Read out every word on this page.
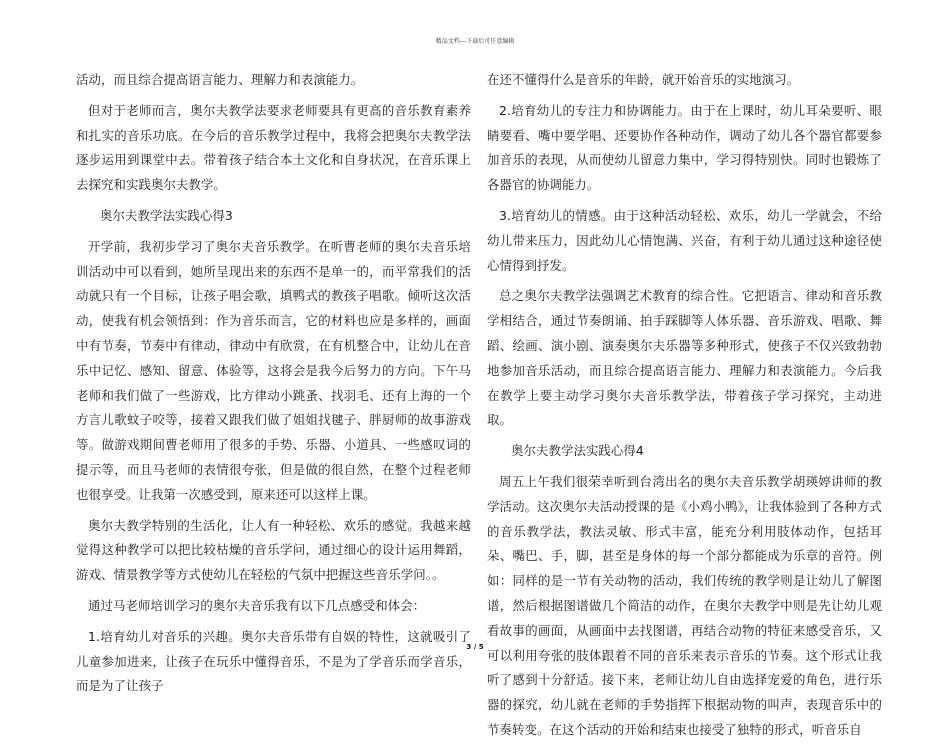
精品文档---下载后可任意编辑

活动，而且综合提高语言能力、理解力和表演能力。

但对于老师而言，奥尔夫教学法要求老师要具有更高的音乐教育素养和扎实的音乐功底。在今后的音乐教学过程中，我将会把奥尔夫教学法逐步运用到课堂中去。带着孩子结合本土文化和自身状况，在音乐课上去探究和实践奥尔夫教学。

奥尔夫教学法实践心得3

开学前，我初步学习了奥尔夫音乐教学。在听曹老师的奥尔夫音乐培训活动中可以看到，她所呈现出来的东西不是单一的，而平常我们的活动就只有一个目标，让孩子唱会歌，填鸭式的教孩子唱歌。倾听这次活动，使我有机会领悟到：作为音乐而言，它的材料也应是多样的，画面中有节奏，节奏中有律动，律动中有欣赏，在有机整合中，让幼儿在音乐中记忆、感知、留意、体验等，这将会是我今后努力的方向。下午马老师和我们做了一些游戏，比方律动小跳蚤、找羽毛、还有上海的一个方言儿歌蚊子咬等，接着又跟我们做了姐姐找毽子、胖厨师的故事游戏等。做游戏期间曹老师用了很多的手势、乐器、小道具、一些感叹词的提示等，而且马老师的表情很夸张，但是做的很自然，在整个过程老师也很享受。让我第一次感受到，原来还可以这样上课。

奥尔夫教学特别的生活化，让人有一种轻松、欢乐的感觉。我越来越觉得这种教学可以把比较枯燥的音乐学问，通过细心的设计运用舞蹈，游戏、情景教学等方式使幼儿在轻松的气氛中把握这些音乐学问。。

通过马老师培训学习的奥尔夫音乐我有以下几点感受和体会：

1.培育幼儿对音乐的兴趣。奥尔夫音乐带有自娱的特性，这就吸引了儿童参加进来，让孩子在玩乐中懂得音乐，不是为了学音乐而学音乐，而是为了让孩子

在还不懂得什么是音乐的年龄，就开始音乐的实地演习。

2.培育幼儿的专注力和协调能力。由于在上课时，幼儿耳朵要听、眼睛要看、嘴中要学唱、还要协作各种动作，调动了幼儿各个器官都要参加音乐的表现，从而使幼儿留意力集中，学习得特别快。同时也锻炼了各器官的协调能力。

3.培育幼儿的情感。由于这种活动轻松、欢乐，幼儿一学就会，不给幼儿带来压力，因此幼儿心情饱满、兴奋，有利于幼儿通过这种途径使心情得到抒发。

总之奥尔夫教学法强调艺术教育的综合性。它把语言、律动和音乐教学相结合，通过节奏朗诵、拍手踩脚等人体乐器、音乐游戏、唱歌、舞蹈、绘画、演小剧、演奏奥尔夫乐器等多种形式，使孩子不仅兴致勃勃地参加音乐活动，而且综合提高语言能力、理解力和表演能力。今后我在教学上要主动学习奥尔夫音乐教学法，带着孩子学习探究，主动进取。

奥尔夫教学法实践心得4

周五上午我们很荣幸听到台湾出名的奥尔夫音乐教学胡瑛婷讲师的教学活动。这次奥尔夫活动授课的是《小鸡小鸭》，让我体验到了各种方式的音乐教学法，教法灵敏、形式丰富，能充分利用肢体动作，包括耳朵、嘴巴、手，脚，甚至是身体的每一个部分都能成为乐章的音符。例如：同样的是一节有关动物的活动，我们传统的教学则是让幼儿了解图谱，然后根据图谱做几个简洁的动作，在奥尔夫教学中则是先让幼儿观看故事的画面，从画面中去找图谱，再结合动物的特征来感受音乐，又可以利用夸张的肢体跟着不同的音乐来表示音乐的节奏。这个形式让我听了感到十分舒适。接下来，老师让幼儿自由选择宠爱的角色，进行乐器的探究，幼儿就在老师的手势指挥下根据动物的叫声，表现音乐中的节奏转变。在这个活动的开始和结束也接受了独特的形式，听音乐自

3 / 5
